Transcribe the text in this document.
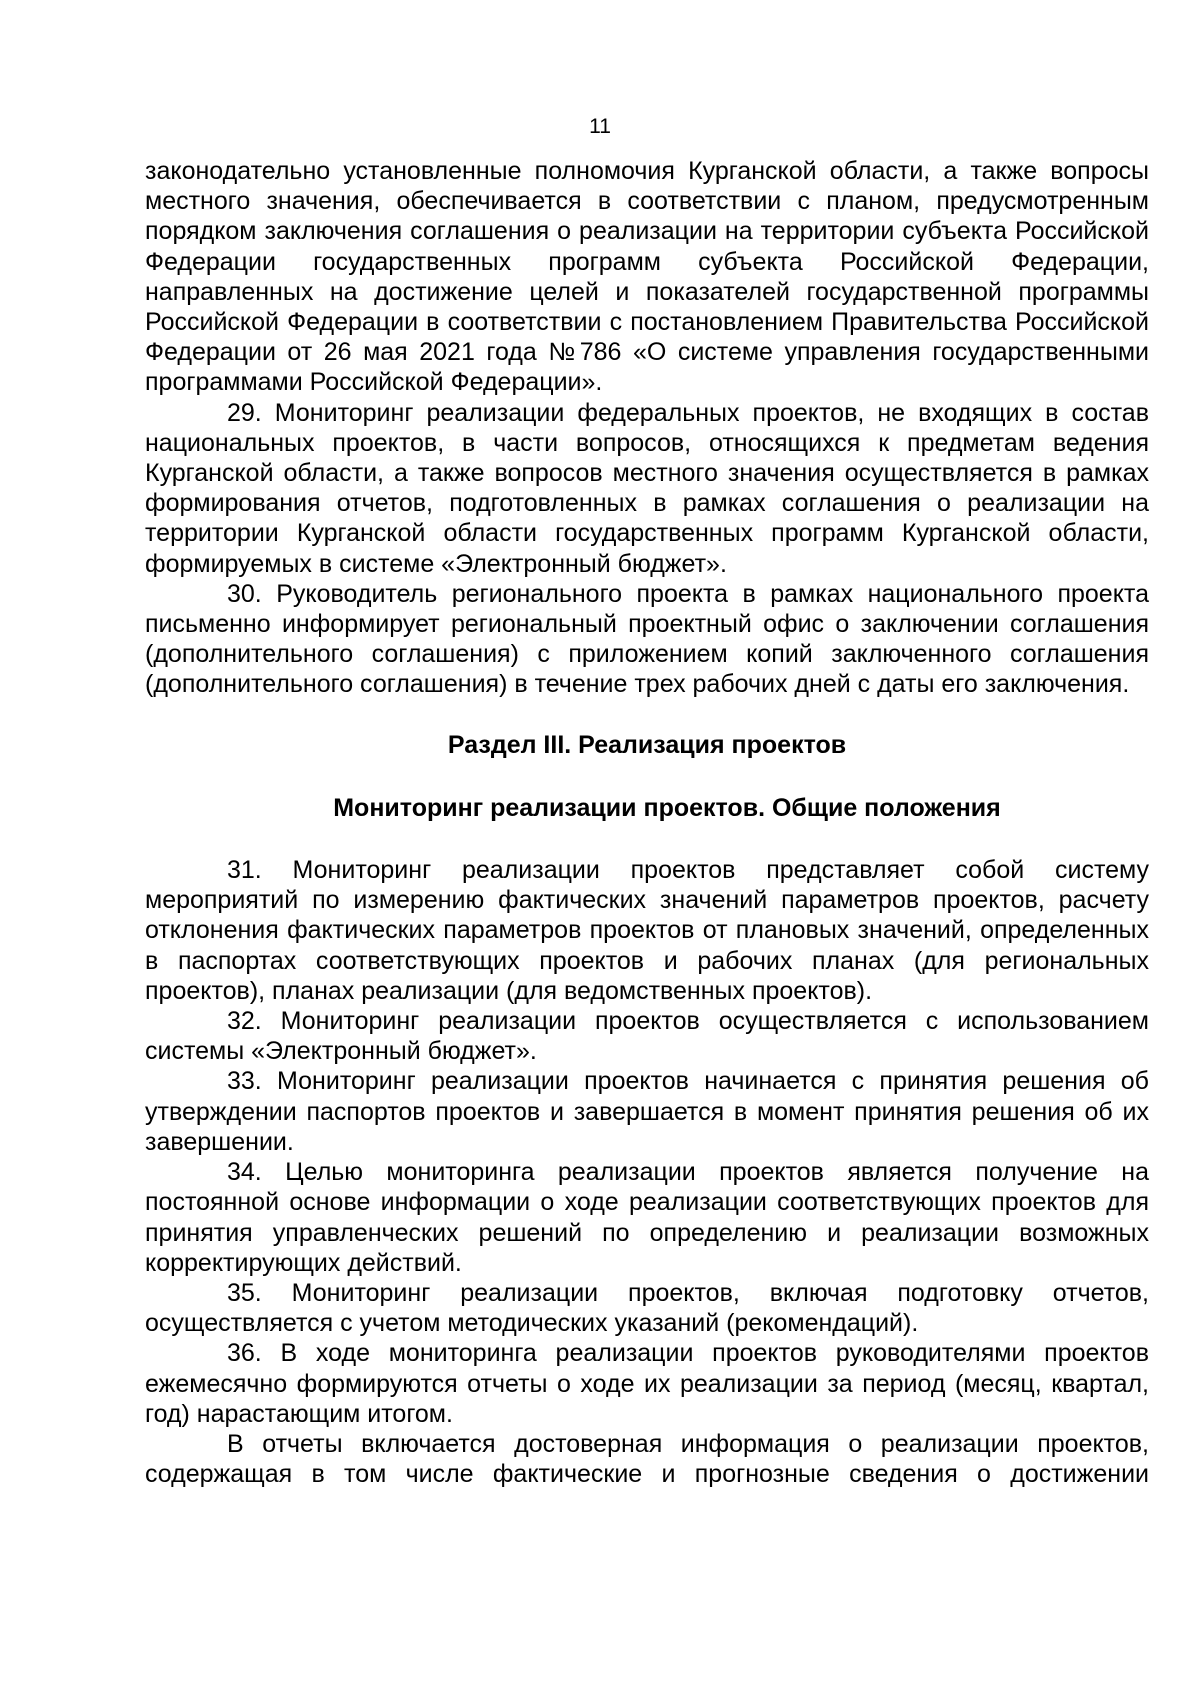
11

законодательно установленные полномочия Курганской области, а также вопросы местного значения, обеспечивается в соответствии с планом, предусмотренным порядком заключения соглашения о реализации на территории субъекта Российской Федерации государственных программ субъекта Российской Федерации, направленных на достижение целей и показателей государственной программы Российской Федерации в соответствии с постановлением Правительства Российской Федерации от 26 мая 2021 года №786 «О системе управления государственными программами Российской Федерации».

29. Мониторинг реализации федеральных проектов, не входящих в состав национальных проектов, в части вопросов, относящихся к предметам ведения Курганской области, а также вопросов местного значения осуществляется в рамках формирования отчетов, подготовленных в рамках соглашения о реализации на территории Курганской области государственных программ Курганской области, формируемых в системе «Электронный бюджет».

30. Руководитель регионального проекта в рамках национального проекта письменно информирует региональный проектный офис о заключении соглашения (дополнительного соглашения) с приложением копий заключенного соглашения (дополнительного соглашения) в течение трех рабочих дней с даты его заключения.

Раздел III. Реализация проектов
Мониторинг реализации проектов. Общие положения

31. Мониторинг реализации проектов представляет собой систему мероприятий по измерению фактических значений параметров проектов, расчету отклонения фактических параметров проектов от плановых значений, определенных в паспортах соответствующих проектов и рабочих планах (для региональных проектов), планах реализации (для ведомственных проектов).

32. Мониторинг реализации проектов осуществляется с использованием системы «Электронный бюджет».

33. Мониторинг реализации проектов начинается с принятия решения об утверждении паспортов проектов и завершается в момент принятия решения об их завершении.

34. Целью мониторинга реализации проектов является получение на постоянной основе информации о ходе реализации соответствующих проектов для принятия управленческих решений по определению и реализации возможных корректирующих действий.

35. Мониторинг реализации проектов, включая подготовку отчетов, осуществляется с учетом методических указаний (рекомендаций).

36. В ходе мониторинга реализации проектов руководителями проектов ежемесячно формируются отчеты о ходе их реализации за период (месяц, квартал, год) нарастающим итогом.

В отчеты включается достоверная информация о реализации проектов, содержащая в том числе фактические и прогнозные сведения о достижении
